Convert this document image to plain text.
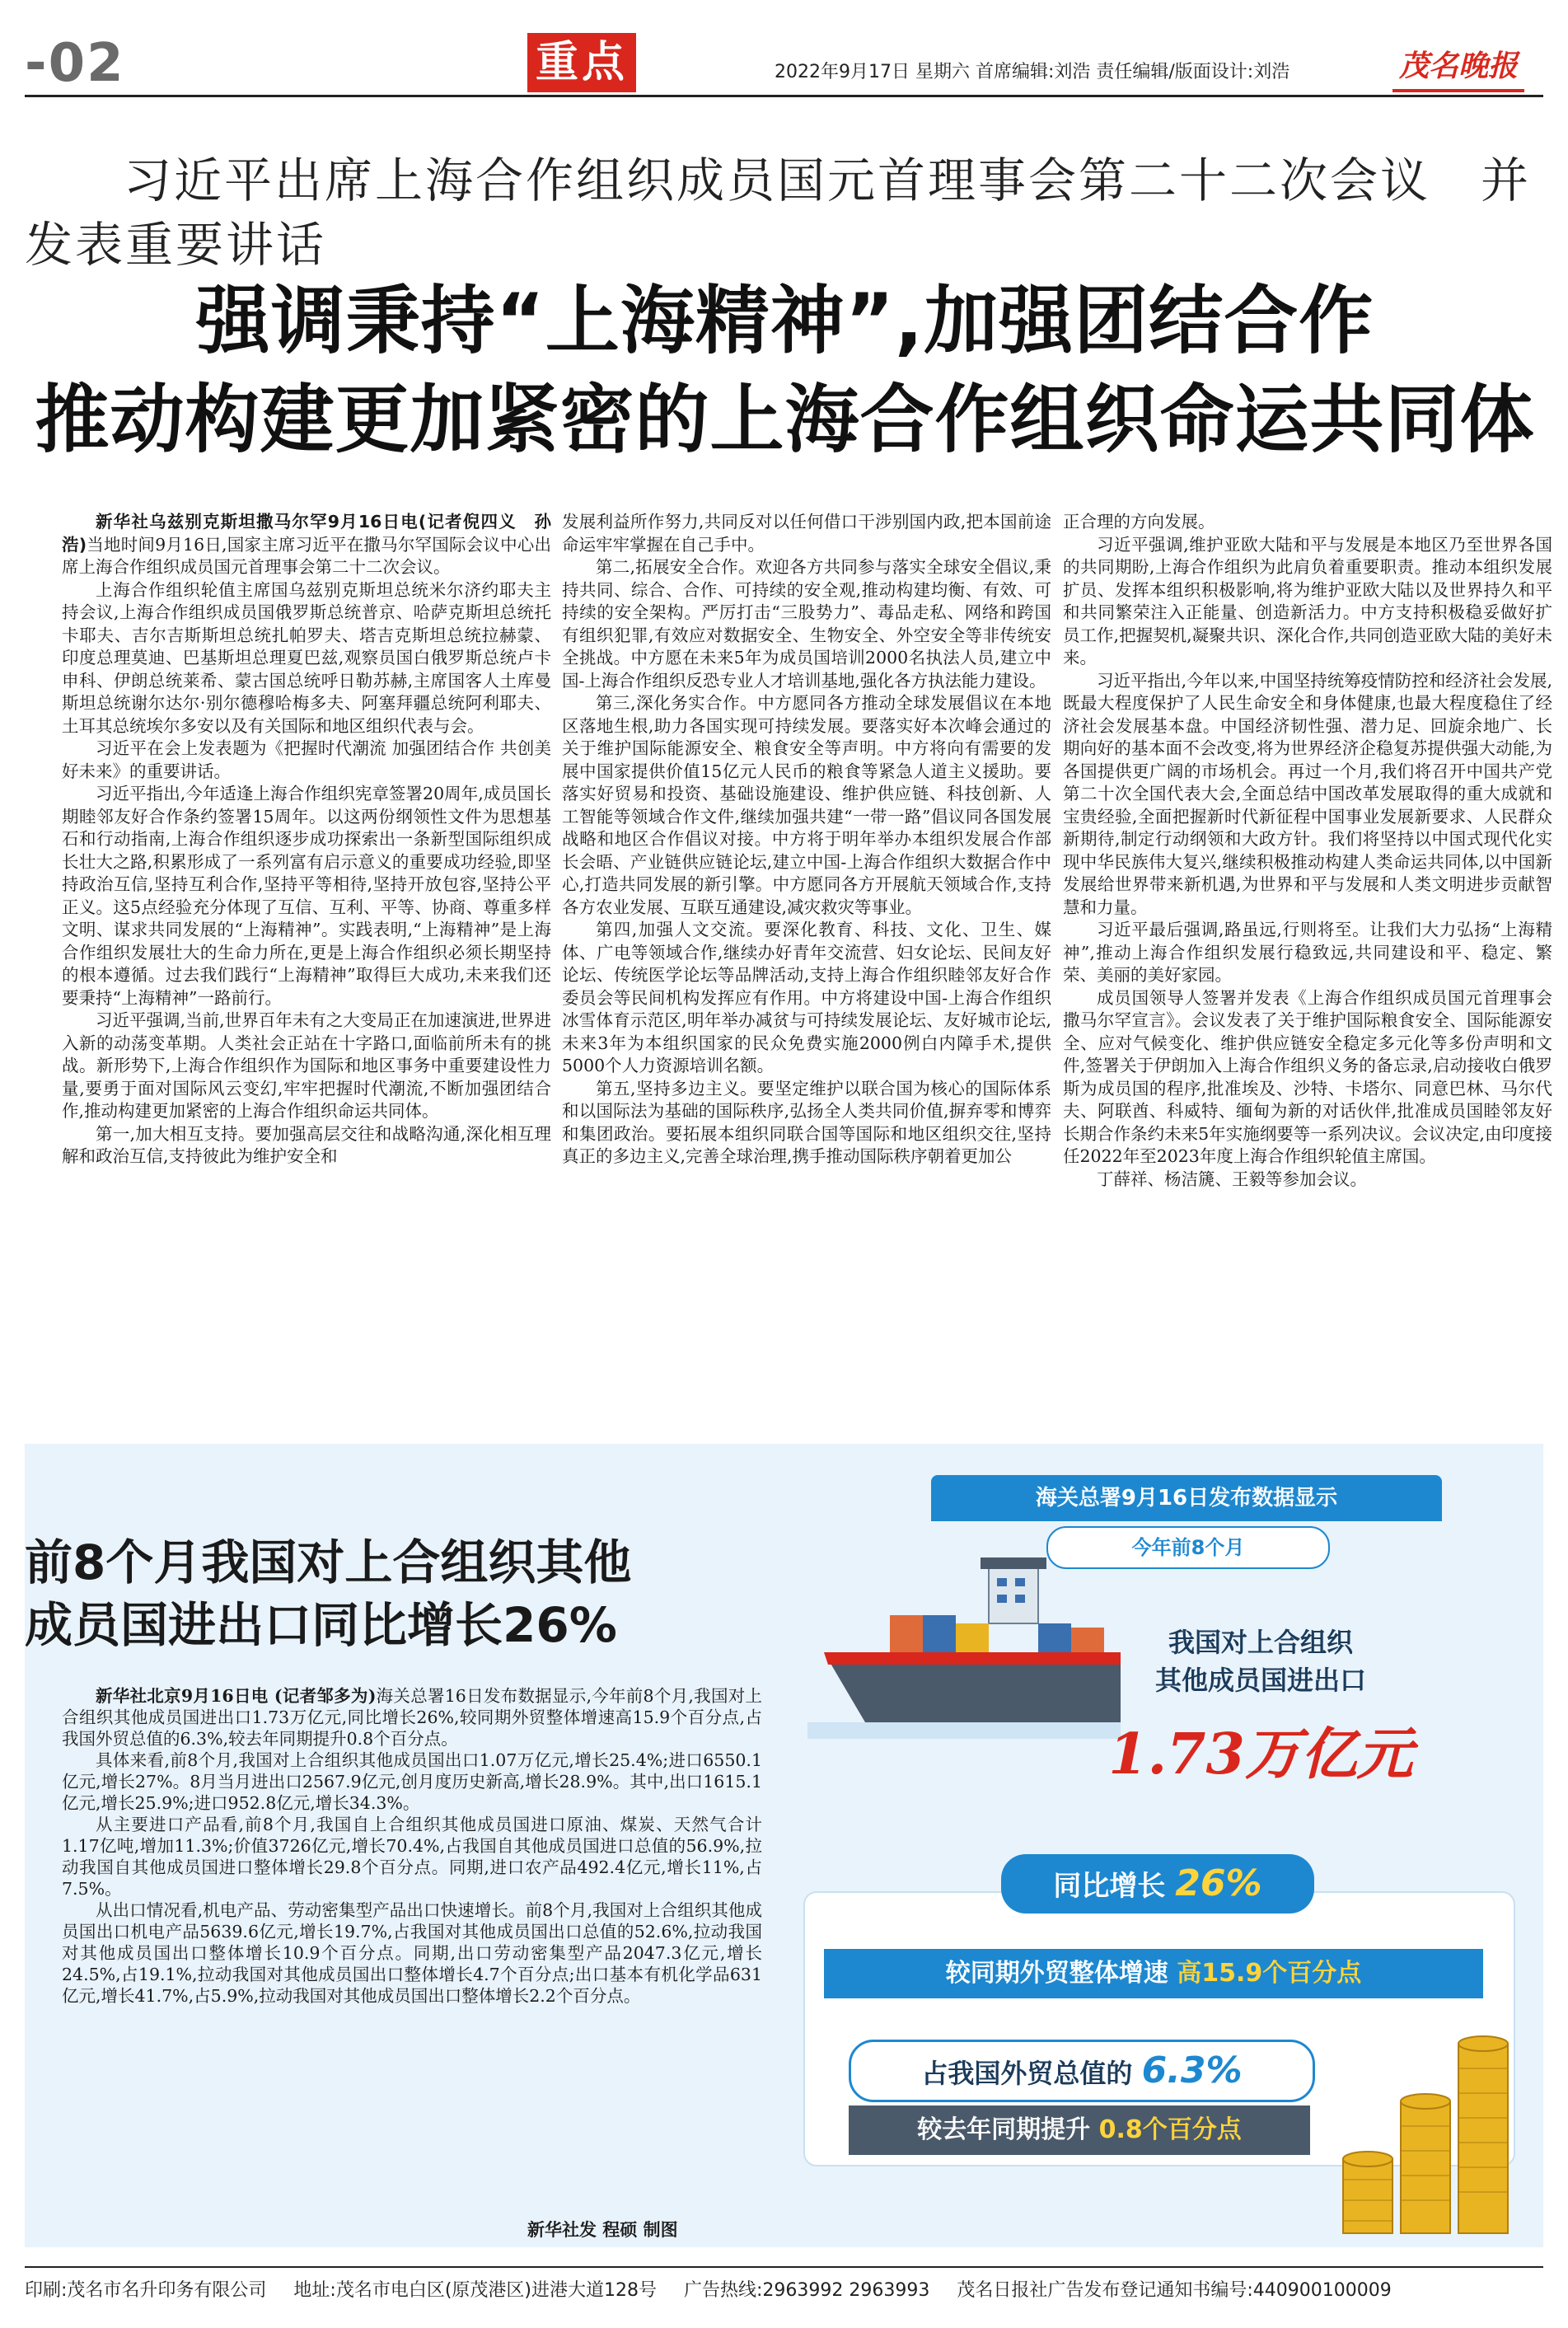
-02	重点	2022年9月17日 星期六 首席编辑:刘浩 责任编辑/版面设计:刘浩	茂名晚报
习近平出席上海合作组织成员国元首理事会第二十二次会议　并发表重要讲话
强调秉持“上海精神”,加强团结合作
推动构建更加紧密的上海合作组织命运共同体

新华社乌兹别克斯坦撒马尔罕9月16日电(记者倪四义　孙浩)当地时间9月16日,国家主席习近平在撒马尔罕国际会议中心出席上海合作组织成员国元首理事会第二十二次会议。

上海合作组织轮值主席国乌兹别克斯坦总统米尔济约耶夫主持会议,上海合作组织成员国俄罗斯总统普京、哈萨克斯坦总统托卡耶夫、吉尔吉斯斯坦总统扎帕罗夫、塔吉克斯坦总统拉赫蒙、印度总理莫迪、巴基斯坦总理夏巴兹,观察员国白俄罗斯总统卢卡申科、伊朗总统莱希、蒙古国总统呼日勒苏赫,主席国客人土库曼斯坦总统谢尔达尔·别尔德穆哈梅多夫、阿塞拜疆总统阿利耶夫、土耳其总统埃尔多安以及有关国际和地区组织代表与会。

习近平在会上发表题为《把握时代潮流 加强团结合作 共创美好未来》的重要讲话。

习近平指出,今年适逢上海合作组织宪章签署20周年,成员国长期睦邻友好合作条约签署15周年。以这两份纲领性文件为思想基石和行动指南,上海合作组织逐步成功探索出一条新型国际组织成长壮大之路,积累形成了一系列富有启示意义的重要成功经验,即坚持政治互信,坚持互利合作,坚持平等相待,坚持开放包容,坚持公平正义。这5点经验充分体现了互信、互利、平等、协商、尊重多样文明、谋求共同发展的“上海精神”。实践表明,“上海精神”是上海合作组织发展壮大的生命力所在,更是上海合作组织必须长期坚持的根本遵循。过去我们践行“上海精神”取得巨大成功,未来我们还要秉持“上海精神”一路前行。

习近平强调,当前,世界百年未有之大变局正在加速演进,世界进入新的动荡变革期。人类社会正站在十字路口,面临前所未有的挑战。新形势下,上海合作组织作为国际和地区事务中重要建设性力量,要勇于面对国际风云变幻,牢牢把握时代潮流,不断加强团结合作,推动构建更加紧密的上海合作组织命运共同体。

第一,加大相互支持。要加强高层交往和战略沟通,深化相互理解和政治互信,支持彼此为维护安全和

发展利益所作努力,共同反对以任何借口干涉别国内政,把本国前途命运牢牢掌握在自己手中。

第二,拓展安全合作。欢迎各方共同参与落实全球安全倡议,秉持共同、综合、合作、可持续的安全观,推动构建均衡、有效、可持续的安全架构。严厉打击“三股势力”、毒品走私、网络和跨国有组织犯罪,有效应对数据安全、生物安全、外空安全等非传统安全挑战。中方愿在未来5年为成员国培训2000名执法人员,建立中国-上海合作组织反恐专业人才培训基地,强化各方执法能力建设。

第三,深化务实合作。中方愿同各方推动全球发展倡议在本地区落地生根,助力各国实现可持续发展。要落实好本次峰会通过的关于维护国际能源安全、粮食安全等声明。中方将向有需要的发展中国家提供价值15亿元人民币的粮食等紧急人道主义援助。要落实好贸易和投资、基础设施建设、维护供应链、科技创新、人工智能等领域合作文件,继续加强共建“一带一路”倡议同各国发展战略和地区合作倡议对接。中方将于明年举办本组织发展合作部长会晤、产业链供应链论坛,建立中国-上海合作组织大数据合作中心,打造共同发展的新引擎。中方愿同各方开展航天领域合作,支持各方农业发展、互联互通建设,减灾救灾等事业。

第四,加强人文交流。要深化教育、科技、文化、卫生、媒体、广电等领域合作,继续办好青年交流营、妇女论坛、民间友好论坛、传统医学论坛等品牌活动,支持上海合作组织睦邻友好合作委员会等民间机构发挥应有作用。中方将建设中国-上海合作组织冰雪体育示范区,明年举办减贫与可持续发展论坛、友好城市论坛,未来3年为本组织国家的民众免费实施2000例白内障手术,提供5000个人力资源培训名额。

第五,坚持多边主义。要坚定维护以联合国为核心的国际体系和以国际法为基础的国际秩序,弘扬全人类共同价值,摒弃零和博弈和集团政治。要拓展本组织同联合国等国际和地区组织交往,坚持真正的多边主义,完善全球治理,携手推动国际秩序朝着更加公

正合理的方向发展。

习近平强调,维护亚欧大陆和平与发展是本地区乃至世界各国的共同期盼,上海合作组织为此肩负着重要职责。推动本组织发展扩员、发挥本组织积极影响,将为维护亚欧大陆以及世界持久和平和共同繁荣注入正能量、创造新活力。中方支持积极稳妥做好扩员工作,把握契机,凝聚共识、深化合作,共同创造亚欧大陆的美好未来。

习近平指出,今年以来,中国坚持统筹疫情防控和经济社会发展,既最大程度保护了人民生命安全和身体健康,也最大程度稳住了经济社会发展基本盘。中国经济韧性强、潜力足、回旋余地广、长期向好的基本面不会改变,将为世界经济企稳复苏提供强大动能,为各国提供更广阔的市场机会。再过一个月,我们将召开中国共产党第二十次全国代表大会,全面总结中国改革发展取得的重大成就和宝贵经验,全面把握新时代新征程中国事业发展新要求、人民群众新期待,制定行动纲领和大政方针。我们将坚持以中国式现代化实现中华民族伟大复兴,继续积极推动构建人类命运共同体,以中国新发展给世界带来新机遇,为世界和平与发展和人类文明进步贡献智慧和力量。

习近平最后强调,路虽远,行则将至。让我们大力弘扬“上海精神”,推动上海合作组织发展行稳致远,共同建设和平、稳定、繁荣、美丽的美好家园。

成员国领导人签署并发表《上海合作组织成员国元首理事会撒马尔罕宣言》。会议发表了关于维护国际粮食安全、国际能源安全、应对气候变化、维护供应链安全稳定多元化等多份声明和文件,签署关于伊朗加入上海合作组织义务的备忘录,启动接收白俄罗斯为成员国的程序,批准埃及、沙特、卡塔尔、同意巴林、马尔代夫、阿联酋、科威特、缅甸为新的对话伙伴,批准成员国睦邻友好长期合作条约未来5年实施纲要等一系列决议。会议决定,由印度接任2022年至2023年度上海合作组织轮值主席国。

丁薛祥、杨洁篪、王毅等参加会议。

前8个月我国对上合组织其他
成员国进出口同比增长26%

新华社北京9月16日电 (记者邹多为)海关总署16日发布数据显示,今年前8个月,我国对上合组织其他成员国进出口1.73万亿元,同比增长26%,较同期外贸整体增速高15.9个百分点,占我国外贸总值的6.3%,较去年同期提升0.8个百分点。

具体来看,前8个月,我国对上合组织其他成员国出口1.07万亿元,增长25.4%;进口6550.1亿元,增长27%。8月当月进出口2567.9亿元,创月度历史新高,增长28.9%。其中,出口1615.1亿元,增长25.9%;进口952.8亿元,增长34.3%。

从主要进口产品看,前8个月,我国自上合组织其他成员国进口原油、煤炭、天然气合计1.17亿吨,增加11.3%;价值3726亿元,增长70.4%,占我国自其他成员国进口总值的56.9%,拉动我国自其他成员国进口整体增长29.8个百分点。同期,进口农产品492.4亿元,增长11%,占7.5%。

从出口情况看,机电产品、劳动密集型产品出口快速增长。前8个月,我国对上合组织其他成员国出口机电产品5639.6亿元,增长19.7%,占我国对其他成员国出口总值的52.6%,拉动我国对其他成员国出口整体增长10.9个百分点。同期,出口劳动密集型产品2047.3亿元,增长24.5%,占19.1%,拉动我国对其他成员国出口整体增长4.7个百分点;出口基本有机化学品631亿元,增长41.7%,占5.9%,拉动我国对其他成员国出口整体增长2.2个百分点。

新华社发 程硕 制图
海关总署9月16日发布数据显示
今年前8个月
我国对上合组织
其他成员国进出口
1.73万亿元
同比增长 26%
较同期外贸整体增速 高15.9个百分点
占我国外贸总值的 6.3%
较去年同期提升 0.8个百分点
印刷:茂名市名升印务有限公司 地址:茂名市电白区(原茂港区)进港大道128号 广告热线:2963992 2963993 茂名日报社广告发布登记通知书编号:440900100009
